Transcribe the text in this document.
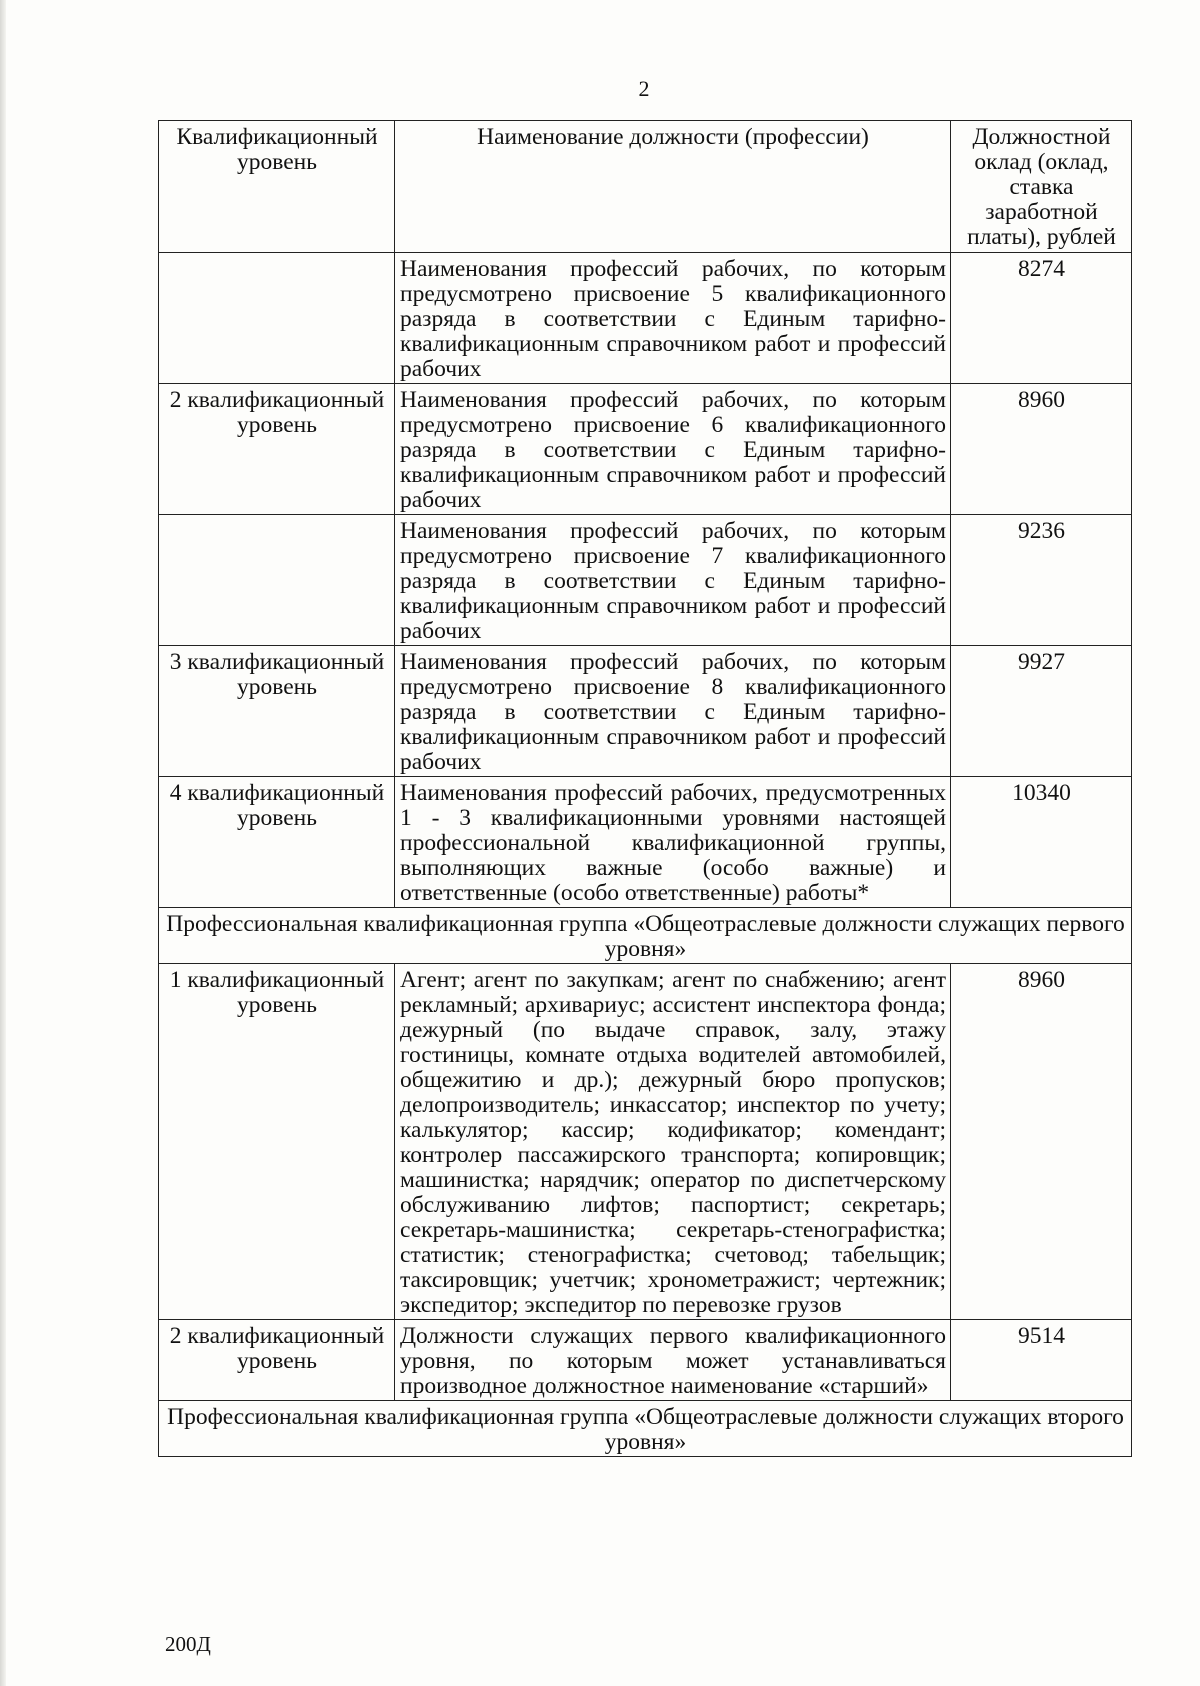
2
Квалификационный уровень	Наименование должности (профессии)	Должностной оклад (оклад, ставка заработной платы), рублей
	Наименования профессий рабочих, по которым предусмотрено присвоение 5 квалификационного разряда в соответствии с Единым тарифно-квалификационным справочником работ и профессий рабочих	8274
2 квалификационный уровень	Наименования профессий рабочих, по которым предусмотрено присвоение 6 квалификационного разряда в соответствии с Единым тарифно-квалификационным справочником работ и профессий рабочих	8960
	Наименования профессий рабочих, по которым предусмотрено присвоение 7 квалификационного разряда в соответствии с Единым тарифно-квалификационным справочником работ и профессий рабочих	9236
3 квалификационный уровень	Наименования профессий рабочих, по которым предусмотрено присвоение 8 квалификационного разряда в соответствии с Единым тарифно-квалификационным справочником работ и профессий рабочих	9927
4 квалификационный уровень	Наименования профессий рабочих, предусмотренных 1 - 3 квалификационными уровнями настоящей профессиональной квалификационной группы, выполняющих важные (особо важные) и ответственные (особо ответственные) работы*	10340
Профессиональная квалификационная группа «Общеотраслевые должности служащих первого уровня»		
1 квалификационный уровень	Агент; агент по закупкам; агент по снабжению; агент рекламный; архивариус; ассистент инспектора фонда; дежурный (по выдаче справок, залу, этажу гостиницы, комнате отдыха водителей автомобилей, общежитию и др.); дежурный бюро пропусков; делопроизводитель; инкассатор; инспектор по учету; калькулятор; кассир; кодификатор; комендант; контролер пассажирского транспорта; копировщик; машинистка; нарядчик; оператор по диспетчерскому обслуживанию лифтов; паспортист; секретарь; секретарь-машинистка; секретарь-стенографистка; статистик; стенографистка; счетовод; табельщик; таксировщик; учетчик; хронометражист; чертежник; экспедитор; экспедитор по перевозке грузов	8960
2 квалификационный уровень	Должности служащих первого квалификационного уровня, по которым может устанавливаться производное должностное наименование «старший»	9514
Профессиональная квалификационная группа «Общеотраслевые должности служащих второго уровня»		
200Д
